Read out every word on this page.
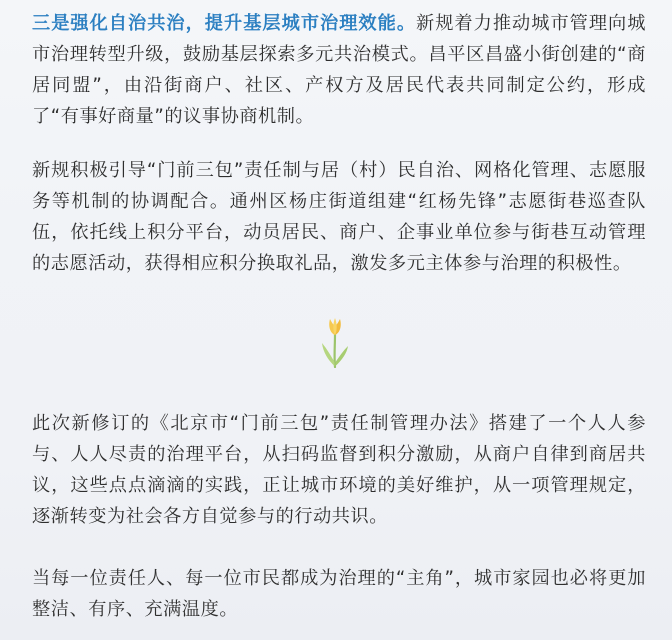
三是强化自治共治，提升基层城市治理效能。新规着力推动城市管理向城市治理转型升级，鼓励基层探索多元共治模式。昌平区昌盛小街创建的“商居同盟”，由沿街商户、社区、产权方及居民代表共同制定公约，形成了“有事好商量”的议事协商机制。

新规积极引导“门前三包”责任制与居（村）民自治、网格化管理、志愿服务等机制的协调配合。通州区杨庄街道组建“红杨先锋”志愿街巷巡查队伍，依托线上积分平台，动员居民、商户、企事业单位参与街巷互动管理的志愿活动，获得相应积分换取礼品，激发多元主体参与治理的积极性。

此次新修订的《北京市“门前三包”责任制管理办法》搭建了一个人人参与、人人尽责的治理平台，从扫码监督到积分激励，从商户自律到商居共议，这些点点滴滴的实践，正让城市环境的美好维护，从一项管理规定，逐渐转变为社会各方自觉参与的行动共识。

当每一位责任人、每一位市民都成为治理的“主角”，城市家园也必将更加整洁、有序、充满温度。
